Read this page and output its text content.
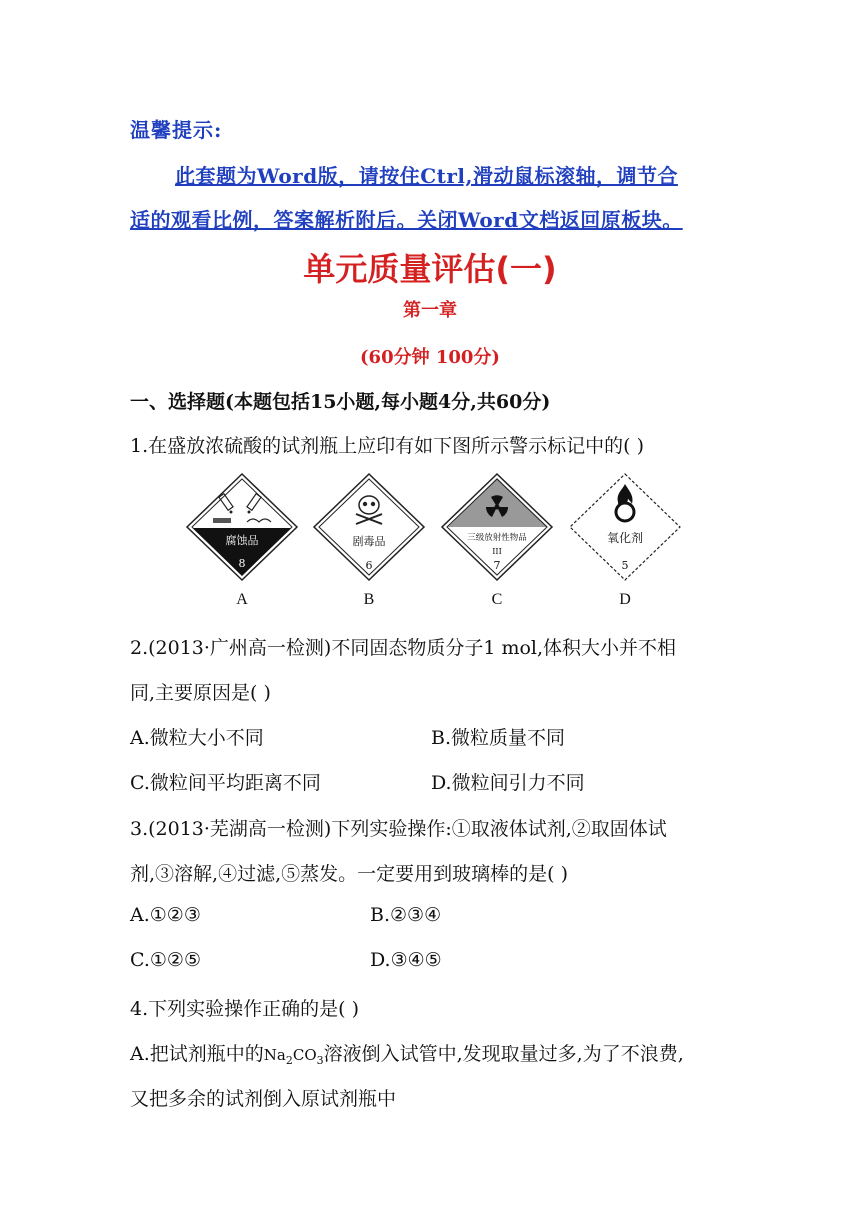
温馨提示:
此套题为Word版，请按住Ctrl,滑动鼠标滚轴，调节合
适的观看比例，答案解析附后。关闭Word文档返回原板块。
单元质量评估(一)
第一章
(60分钟 100分)
一、选择题(本题包括15小题,每小题4分,共60分)
1.在盛放浓硫酸的试剂瓶上应印有如下图所示警示标记中的( )
腐蚀品
8
A
剧毒品
6
B
三级放射性物品
III
7
C
氧化剂
5
D
2.(2013·广州高一检测)不同固态物质分子1 mol,体积大小并不相
同,主要原因是( )
A.微粒大小不同	B.微粒质量不同
C.微粒间平均距离不同	D.微粒间引力不同
3.(2013·芜湖高一检测)下列实验操作:①取液体试剂,②取固体试
剂,③溶解,④过滤,⑤蒸发。一定要用到玻璃棒的是( )
A.①②③	B.②③④
C.①②⑤	D.③④⑤
4.下列实验操作正确的是( )
A.把试剂瓶中的$Na_2CO_3$溶液倒入试管中,发现取量过多,为了不浪费,
又把多余的试剂倒入原试剂瓶中
